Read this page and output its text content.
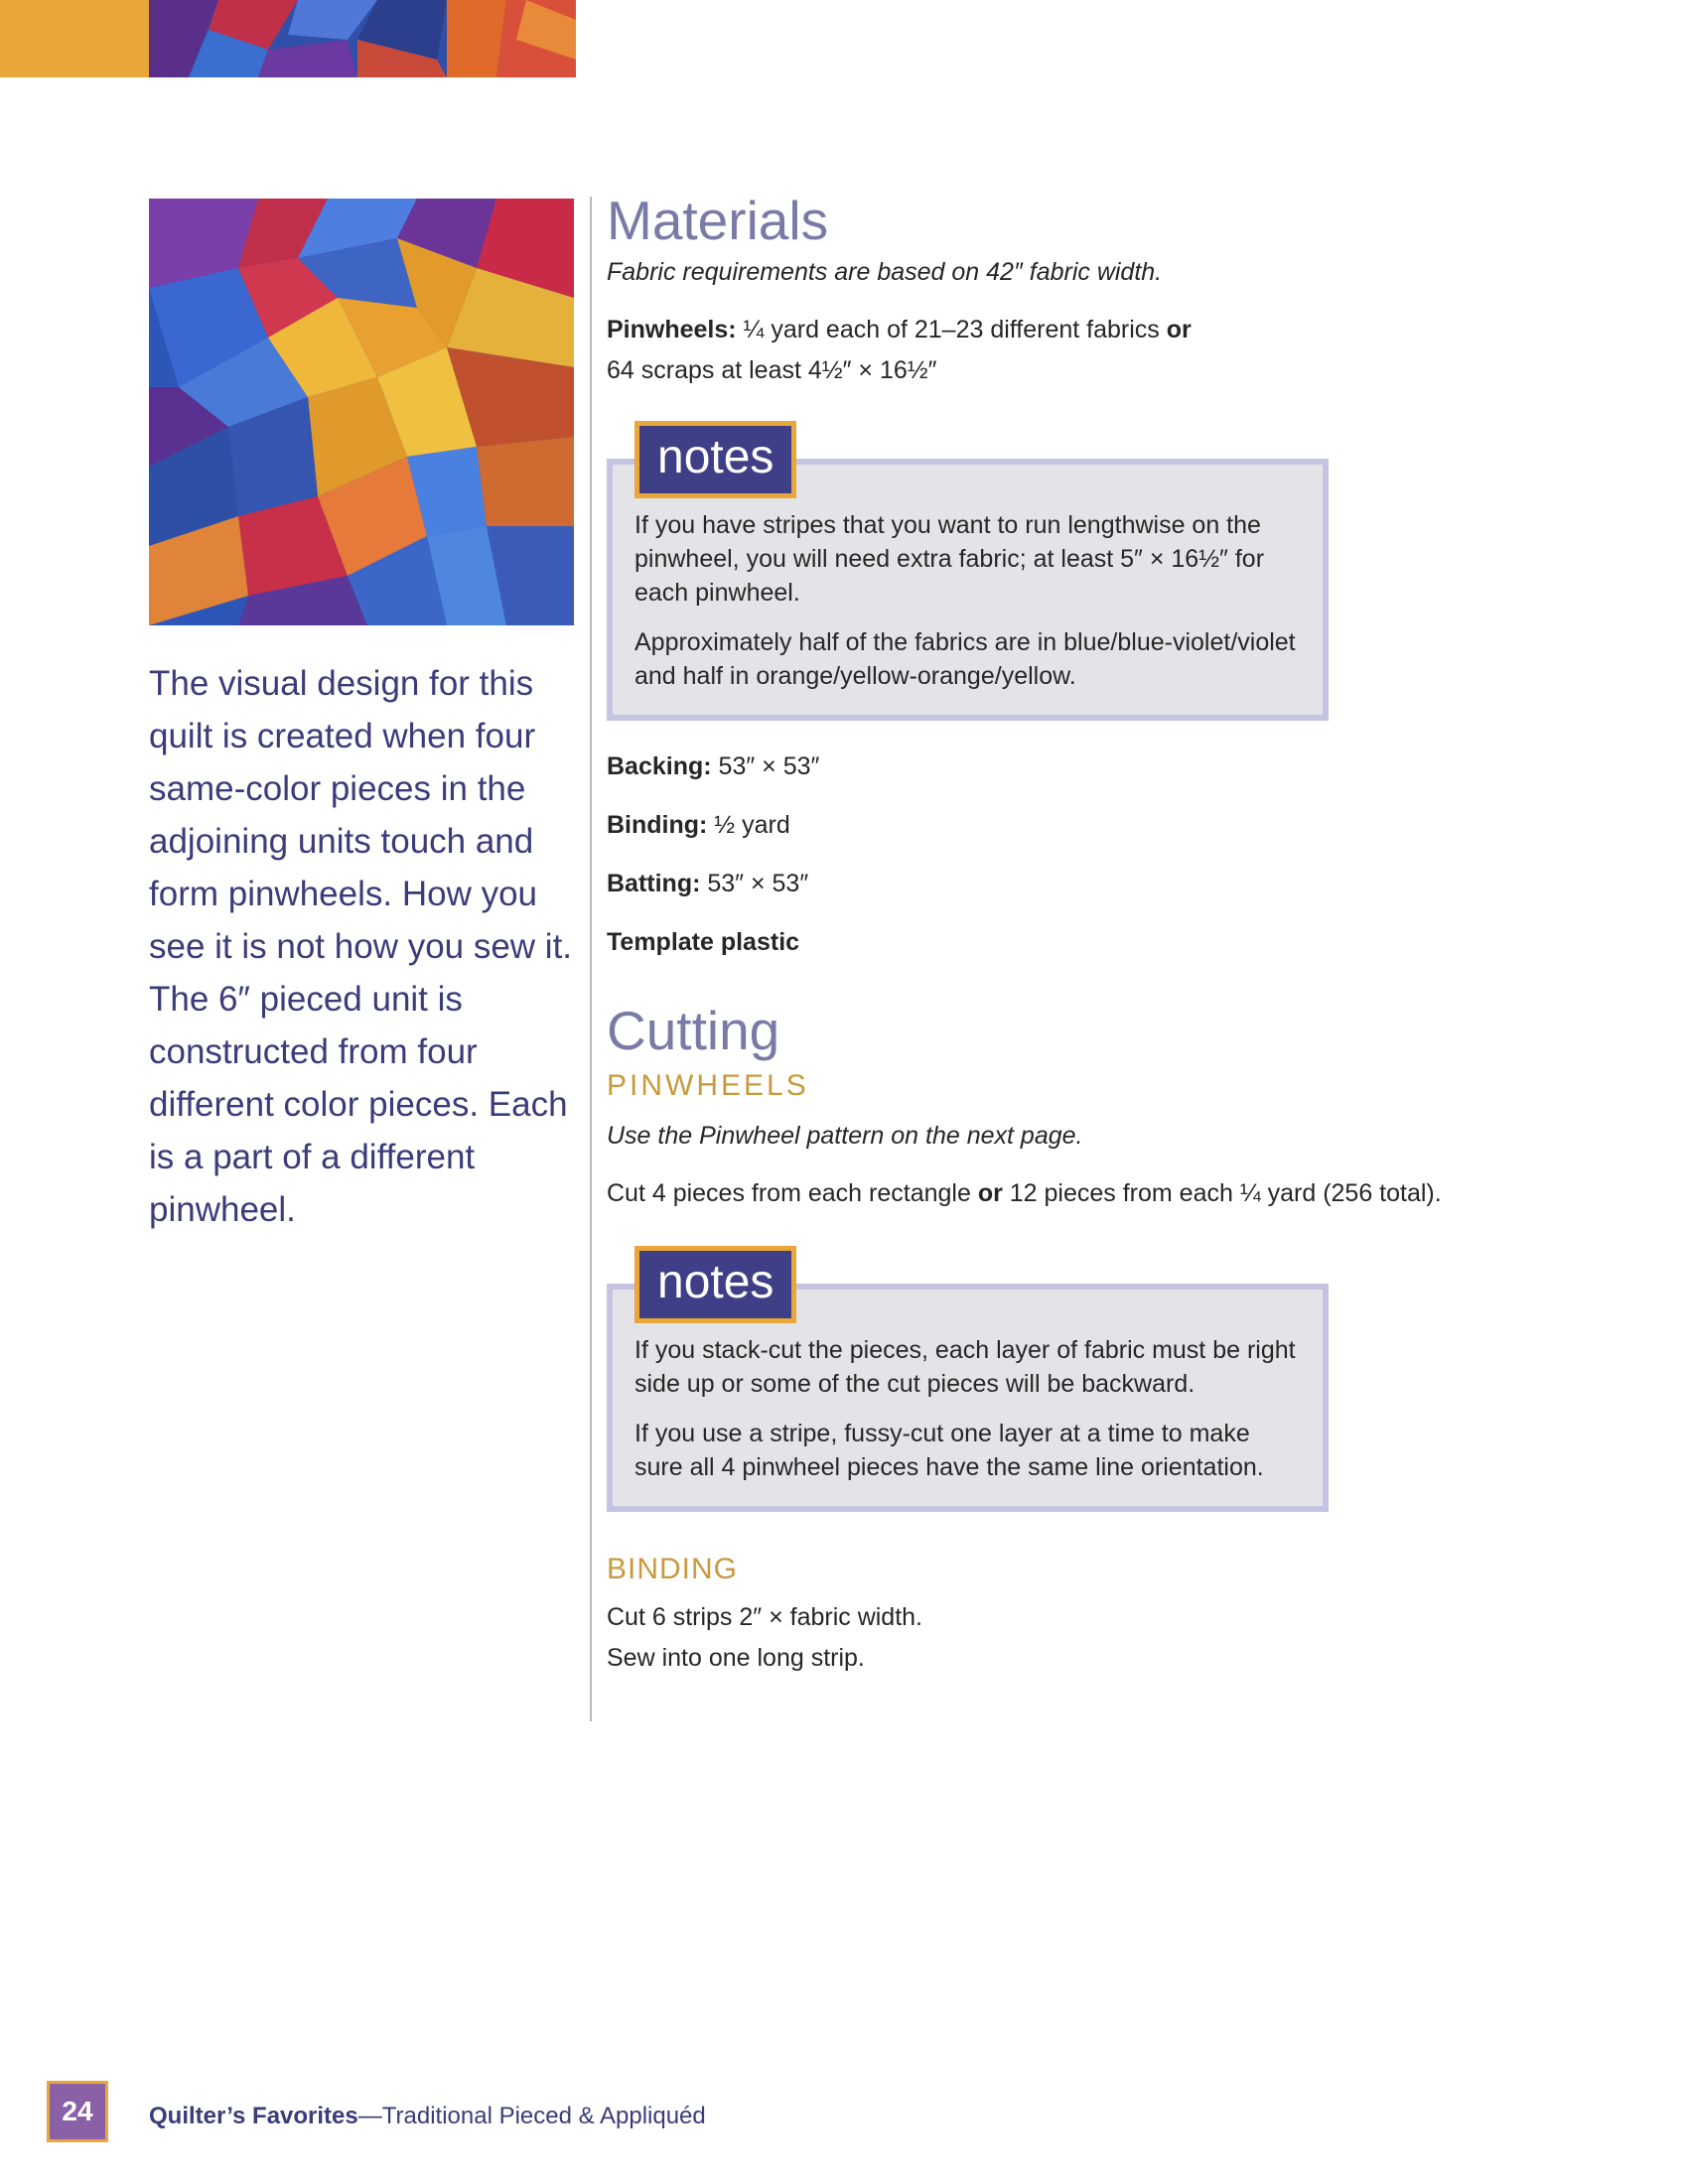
The visual design for this quilt is created when four same-color pieces in the adjoining units touch and form pinwheels. How you see it is not how you sew it. The 6″ pieced unit is constructed from four different color pieces. Each is a part of a different pinwheel.
Materials

Fabric requirements are based on 42″ fabric width.

Pinwheels: ¼ yard each of 21–23 different fabrics or
64 scraps at least 4½″ × 16½″

notes

If you have stripes that you want to run lengthwise on the pinwheel, you will need extra fabric; at least 5″ × 16½″ for each pinwheel.

Approximately half of the fabrics are in blue/blue-violet/violet and half in orange/yellow-orange/yellow.

Backing: 53″ × 53″

Binding: ½ yard

Batting: 53″ × 53″

Template plastic

Cutting

PINWHEELS

Use the Pinwheel pattern on the next page.

Cut 4 pieces from each rectangle or 12 pieces from each ¼ yard (256 total).

notes

If you stack-cut the pieces, each layer of fabric must be right side up or some of the cut pieces will be backward.

If you use a stripe, fussy-cut one layer at a time to make sure all 4 pinwheel pieces have the same line orientation.

BINDING

Cut 6 strips 2″ × fabric width.
Sew into one long strip.

24	Quilter’s Favorites—Traditional Pieced & Appliquéd
